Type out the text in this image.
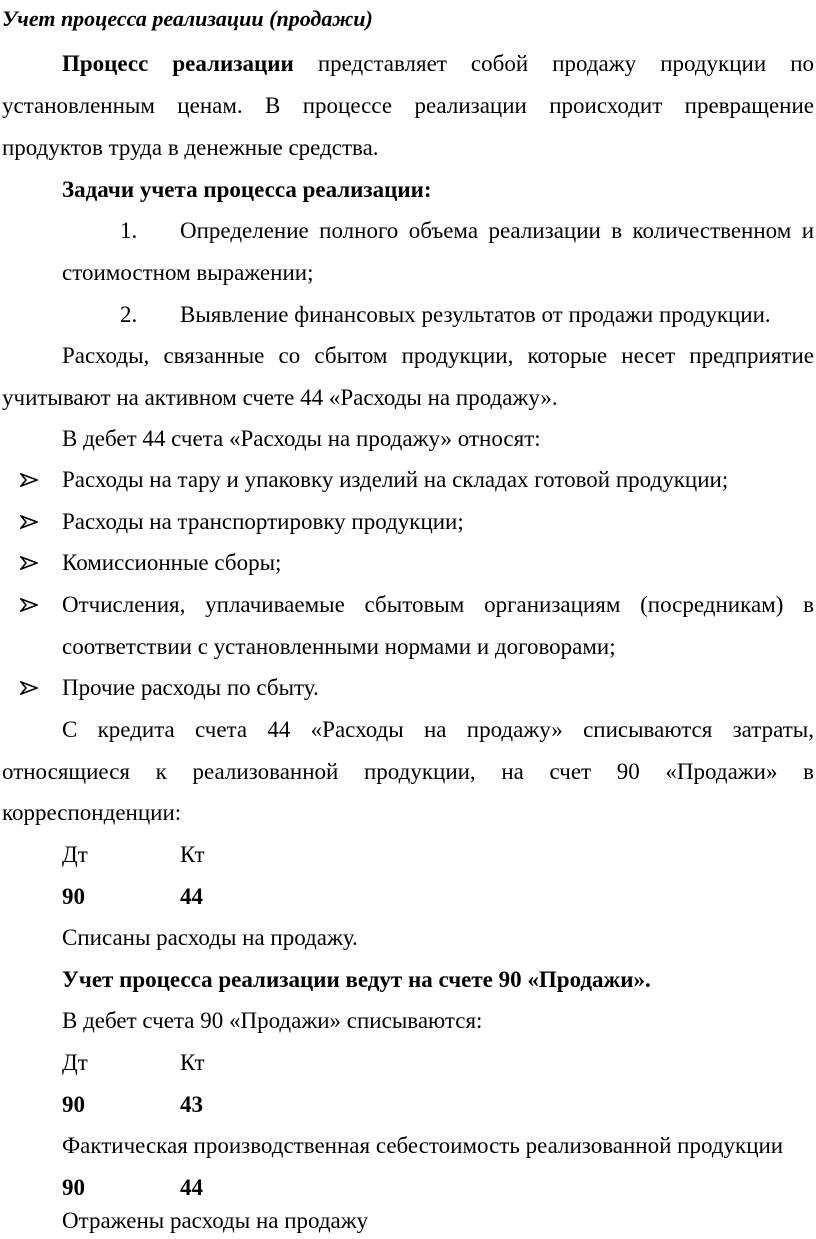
Учет процесса реализации (продажи)
Процесс реализации представляет собой продажу продукции по
установленным ценам. В процессе реализации происходит превращение
продуктов труда в денежные средства.
Задачи учета процесса реализации:
1.	Определение полного объема реализации в количественном и
стоимостном выражении;
2.	Выявление финансовых результатов от продажи продукции.
Расходы, связанные со сбытом продукции, которые несет предприятие
учитывают на активном счете 44 «Расходы на продажу».
В дебет 44 счета «Расходы на продажу» относят:
Расходы на тару и упаковку изделий на складах готовой продукции;
Расходы на транспортировку продукции;
Комиссионные сборы;
Отчисления, уплачиваемые сбытовым организациям (посредникам) в
соответствии с установленными нормами и договорами;
Прочие расходы по сбыту.
С кредита счета 44 «Расходы на продажу» списываются затраты,
относящиеся к реализованной продукции, на счет 90 «Продажи» в
корреспонденции:
Дт	Кт
90	44
Списаны расходы на продажу.
Учет процесса реализации ведут на счете 90 «Продажи».
В дебет счета 90 «Продажи» списываются:
Дт	Кт
90	43
Фактическая производственная себестоимость реализованной продукции
90	44
Отражены расходы на продажу
